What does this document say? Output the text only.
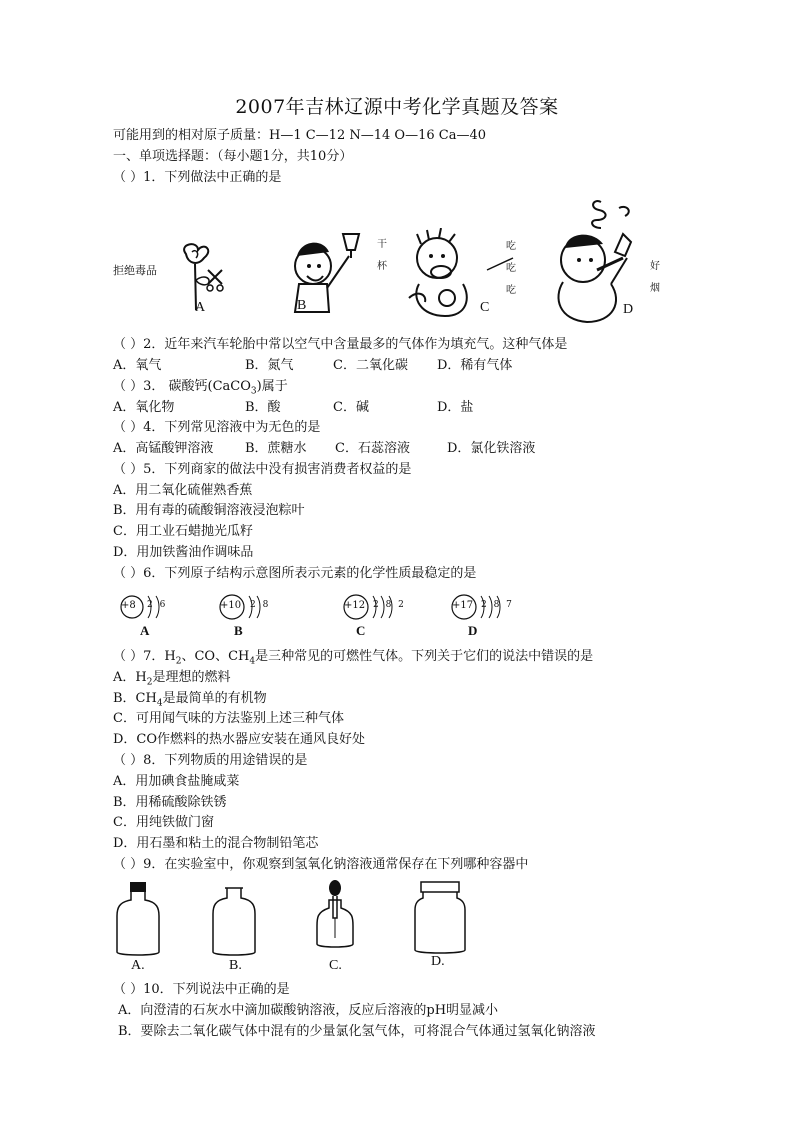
2007年吉林辽源中考化学真题及答案
可能用到的相对原子质量：H—1 C—12 N—14 O—16 Ca—40
一、单项选择题：（每小题1分，共10分）
（ ）1．下列做法中正确的是
拒绝毒品
A	B
干
杯
C
吃
吃
吃
D
好
烟
（ ）2．近年来汽车轮胎中常以空气中含量最多的气体作为填充气。这种气体是
A．氧气	B．氮气	C．二氧化碳 D．稀有气体
（ ）3． 碳酸钙(CaCO$_3$)属于
A．氧化物	B．酸	C．碱	D．盐
（ ）4．下列常见溶液中为无色的是
A．高锰酸钾溶液 B．蔗糖水 C．石蕊溶液	D．氯化铁溶液
（ ）5．下列商家的做法中没有损害消费者权益的是
A．用二氧化硫催熟香蕉
B．用有毒的硫酸铜溶液浸泡粽叶
C．用工业石蜡抛光瓜籽
D．用加铁酱油作调味品
（ ）6．下列原子结构示意图所表示元素的化学性质最稳定的是
+8 2 6
A
+10 2 8
B
+12 2 8 2
C
+17 2 8 7
D
（ ）7．$H_2$、CO、$CH_4$是三种常见的可燃性气体。下列关于它们的说法中错误的是
A．$H_2$是理想的燃料
B．$CH_4$是最简单的有机物
C．可用闻气味的方法鉴别上述三种气体
D．CO作燃料的热水器应安装在通风良好处
（ ）8．下列物质的用途错误的是
A．用加碘食盐腌咸菜
B．用稀硫酸除铁锈
C．用纯铁做门窗
D．用石墨和粘土的混合物制铅笔芯
（ ）9．在实验室中，你观察到氢氧化钠溶液通常保存在下列哪种容器中
A.	B.	C.	D.
（ ）10．下列说法中正确的是
A．向澄清的石灰水中滴加碳酸钠溶液，反应后溶液的pH明显减小
B．要除去二氧化碳气体中混有的少量氯化氢气体，可将混合气体通过氢氧化钠溶液
